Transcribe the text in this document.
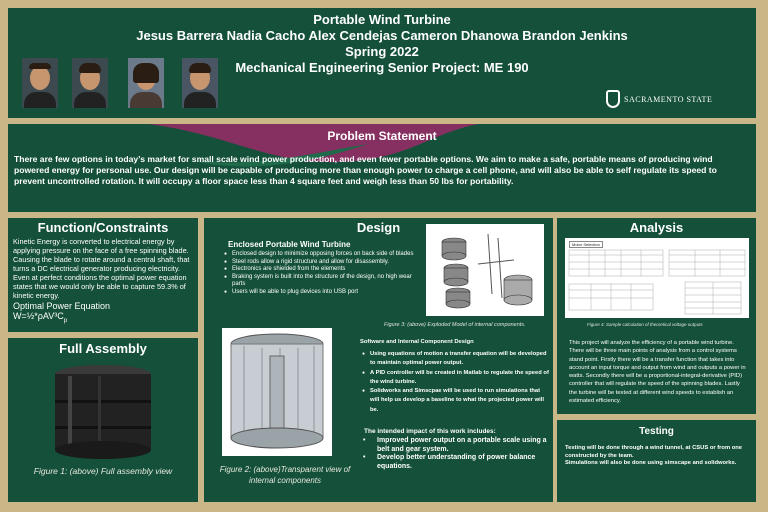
Portable Wind Turbine
Jesus Barrera Nadia Cacho Alex Cendejas Cameron Dhanowa Brandon Jenkins
Spring 2022
Mechanical Engineering Senior Project: ME 190
SACRAMENTO STATE
Problem Statement

There are few options in today’s market for small scale wind power production, and even fewer portable options. We aim to make a safe, portable means of producing wind powered energy for personal use. Our design will be capable of producing more than enough power to charge a cell phone, and will also be able to self regulate its speed to prevent uncontrolled rotation. It will occupy a floor space less than 4 square feet and weigh less than 50 lbs for portability.

Function/Constraints
Kinetic Energy is converted to electrical energy by applying pressure on the face of a free spinning blade. Causing the blade to rotate around a central shaft, that turns a DC electrical generator producing electricity. Even at perfect conditions the optimal power equation states that we would only be able to capture 59.3% of kinetic energy.
Optimal Power Equation
$W=\frac{1}{2}*\rho AV^3C_p$
Full Assembly
Figure 1: (above) Full assembly view
Design
Enclosed Portable Wind Turbine
● Enclosed design to minimize opposing forces on back side of blades
● Steel rods allow a rigid structure and allow for disassembly.
● Electronics are shielded from the elements
● Braking system is built into the structure of the design, no high wear parts
● Users will be able to plug devices into USB port
Figure 3: (above) Exploded Model of internal components.
Figure 2: (above)Transparent view of internal components
Software and Internal Component Design
● Using equations of motion a transfer equation will be developed to maintain optimal power output.
● A PID controller will be created in Matlab to regulate the speed of the wind turbine.
● Solidworks and Simscpae will be used to run simulations that will help us develop a baseline to what the projected power will be.
The intended impact of this work includes:
• Improved power output on a portable scale using a belt and gear system.
• Develop better understanding of power balance equations.
Analysis
Motor Selection
Figure 4: Sample calculation of theoretical voltage outputs

This project will analyze the efficiency of a portable wind turbine. There will be three main points of analysis from a control systems stand point. Firstly there will be a transfer function that takes into account an input torque and output from wind and outputs a power in watts. Secondly there will be a proportional-integral-derivative (PID) controller that will regulate the speed of the spinning blades. Lastly the turbine will be tested at different wind speeds to establish an estimated efficiency.

Testing

Testing will be done through a wind tunnel, at CSUS or from one constructed by the team.
Simulations will also be done using simscape and solidworks.
